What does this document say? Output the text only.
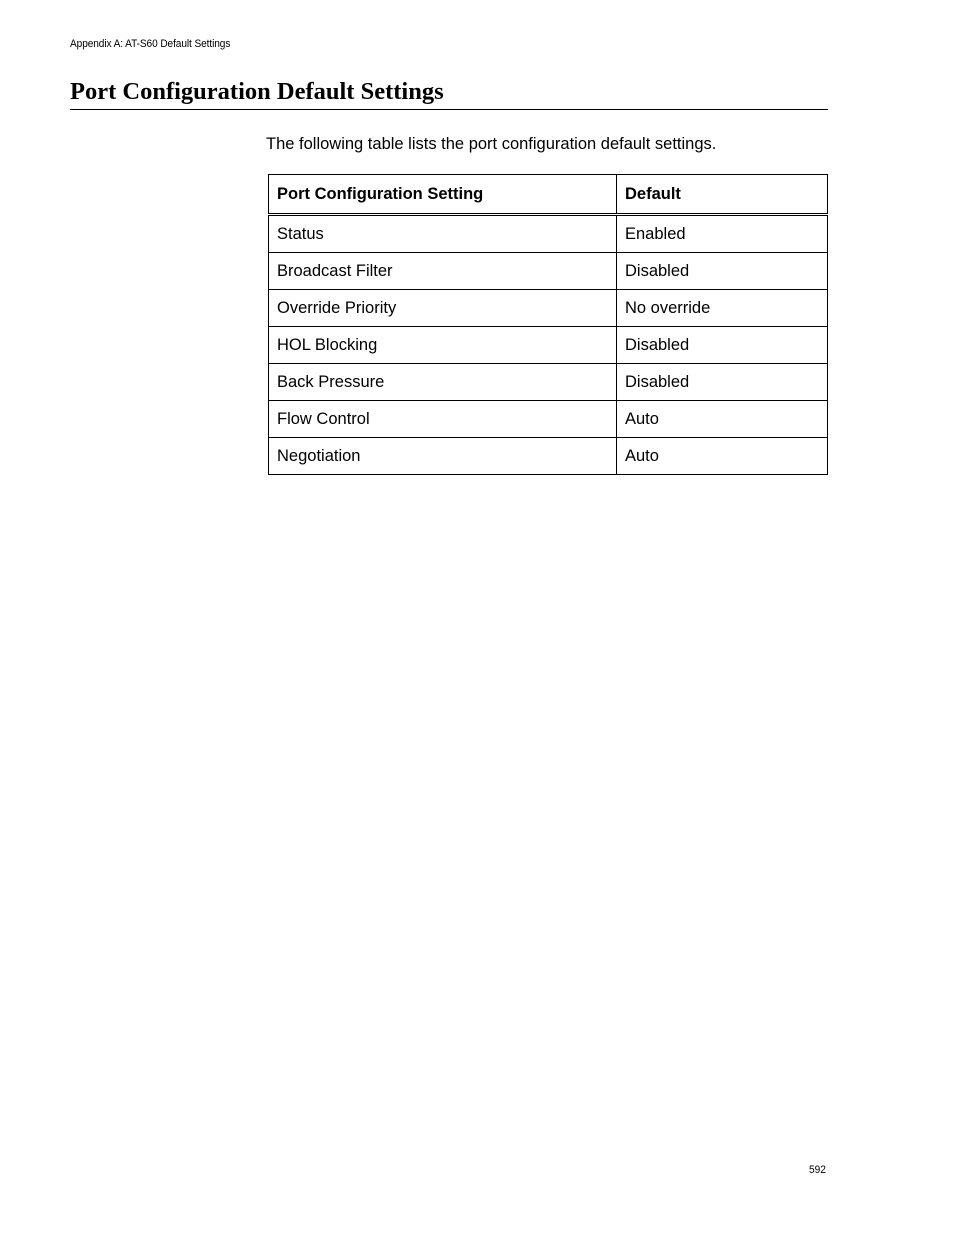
Appendix A: AT-S60 Default Settings
Port Configuration Default Settings

The following table lists the port configuration default settings.

Port Configuration Setting	Default
Status	Enabled
Broadcast Filter	Disabled
Override Priority	No override
HOL Blocking	Disabled
Back Pressure	Disabled
Flow Control	Auto
Negotiation	Auto
592
